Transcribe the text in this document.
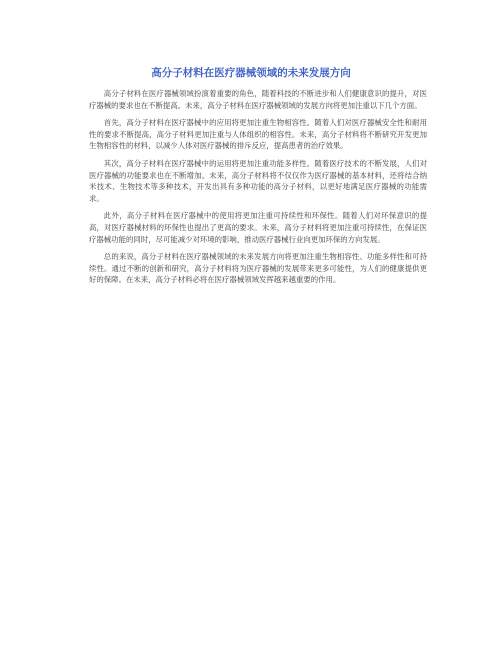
高分子材料在医疗器械领域的未来发展方向

高分子材料在医疗器械领域扮演着重要的角色，随着科技的不断进步和人们健康意识的提升，对医疗器械的要求也在不断提高。未来，高分子材料在医疗器械领域的发展方向将更加注重以下几个方面。

首先，高分子材料在医疗器械中的应用将更加注重生物相容性。随着人们对医疗器械安全性和耐用性的要求不断提高，高分子材料更加注重与人体组织的相容性。未来，高分子材料将不断研究开发更加生物相容性的材料，以减少人体对医疗器械的排斥反应，提高患者的治疗效果。

其次，高分子材料在医疗器械中的运用将更加注重功能多样性。随着医疗技术的不断发展，人们对医疗器械的功能要求也在不断增加。未来，高分子材料将不仅仅作为医疗器械的基本材料，还将结合纳米技术、生物技术等多种技术，开发出具有多种功能的高分子材料，以更好地满足医疗器械的功能需求。

此外，高分子材料在医疗器械中的使用将更加注重可持续性和环保性。随着人们对环保意识的提高，对医疗器械材料的环保性也提出了更高的要求。未来，高分子材料将更加注重可持续性，在保证医疗器械功能的同时，尽可能减少对环境的影响，推动医疗器械行业向更加环保的方向发展。

总的来说，高分子材料在医疗器械领域的未来发展方向将更加注重生物相容性、功能多样性和可持续性。通过不断的创新和研究，高分子材料将为医疗器械的发展带来更多可能性，为人们的健康提供更好的保障。在未来，高分子材料必将在医疗器械领域发挥越来越重要的作用。
